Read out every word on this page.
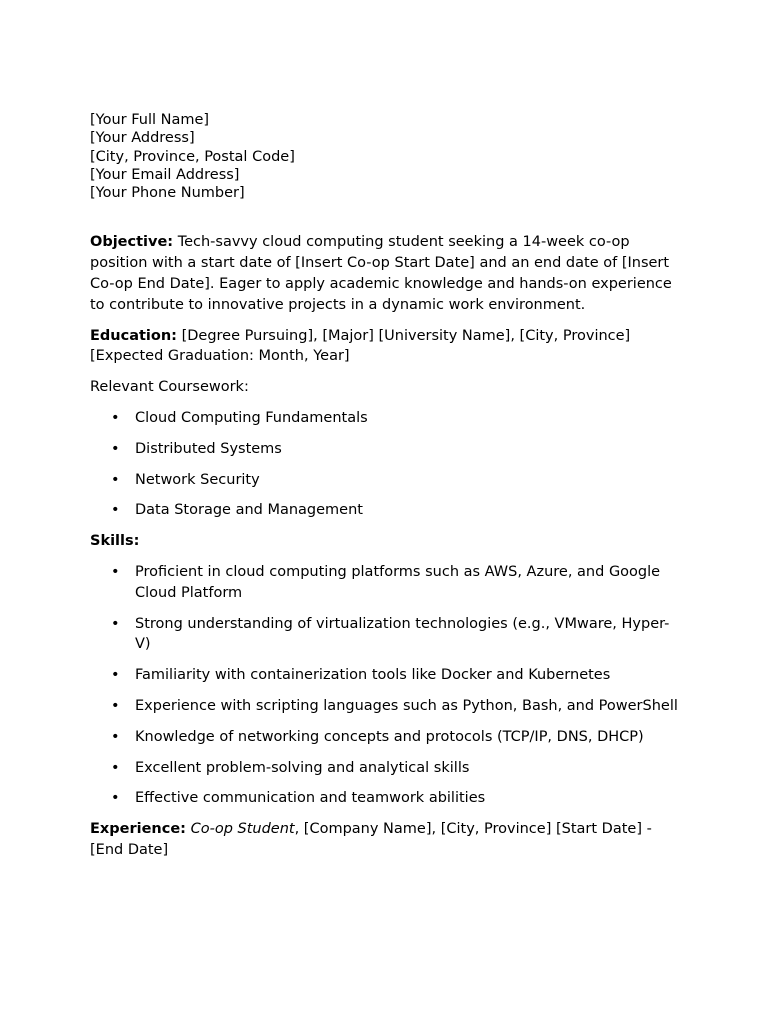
[Your Full Name]
[Your Address]
[City, Province, Postal Code]
[Your Email Address]
[Your Phone Number]

Objective: Tech-savvy cloud computing student seeking a 14-week co-op position with a start date of [Insert Co-op Start Date] and an end date of [Insert Co-op End Date]. Eager to apply academic knowledge and hands-on experience to contribute to innovative projects in a dynamic work environment.

Education: [Degree Pursuing], [Major] [University Name], [City, Province]
[Expected Graduation: Month, Year]

Relevant Coursework:

• Cloud Computing Fundamentals
• Distributed Systems
• Network Security
• Data Storage and Management

Skills:

• Proficient in cloud computing platforms such as AWS, Azure, and Google Cloud Platform
• Strong understanding of virtualization technologies (e.g., VMware, Hyper-V)
• Familiarity with containerization tools like Docker and Kubernetes
• Experience with scripting languages such as Python, Bash, and PowerShell
• Knowledge of networking concepts and protocols (TCP/IP, DNS, DHCP)
• Excellent problem-solving and analytical skills
• Effective communication and teamwork abilities

Experience: Co-op Student, [Company Name], [City, Province] [Start Date] - [End Date]
